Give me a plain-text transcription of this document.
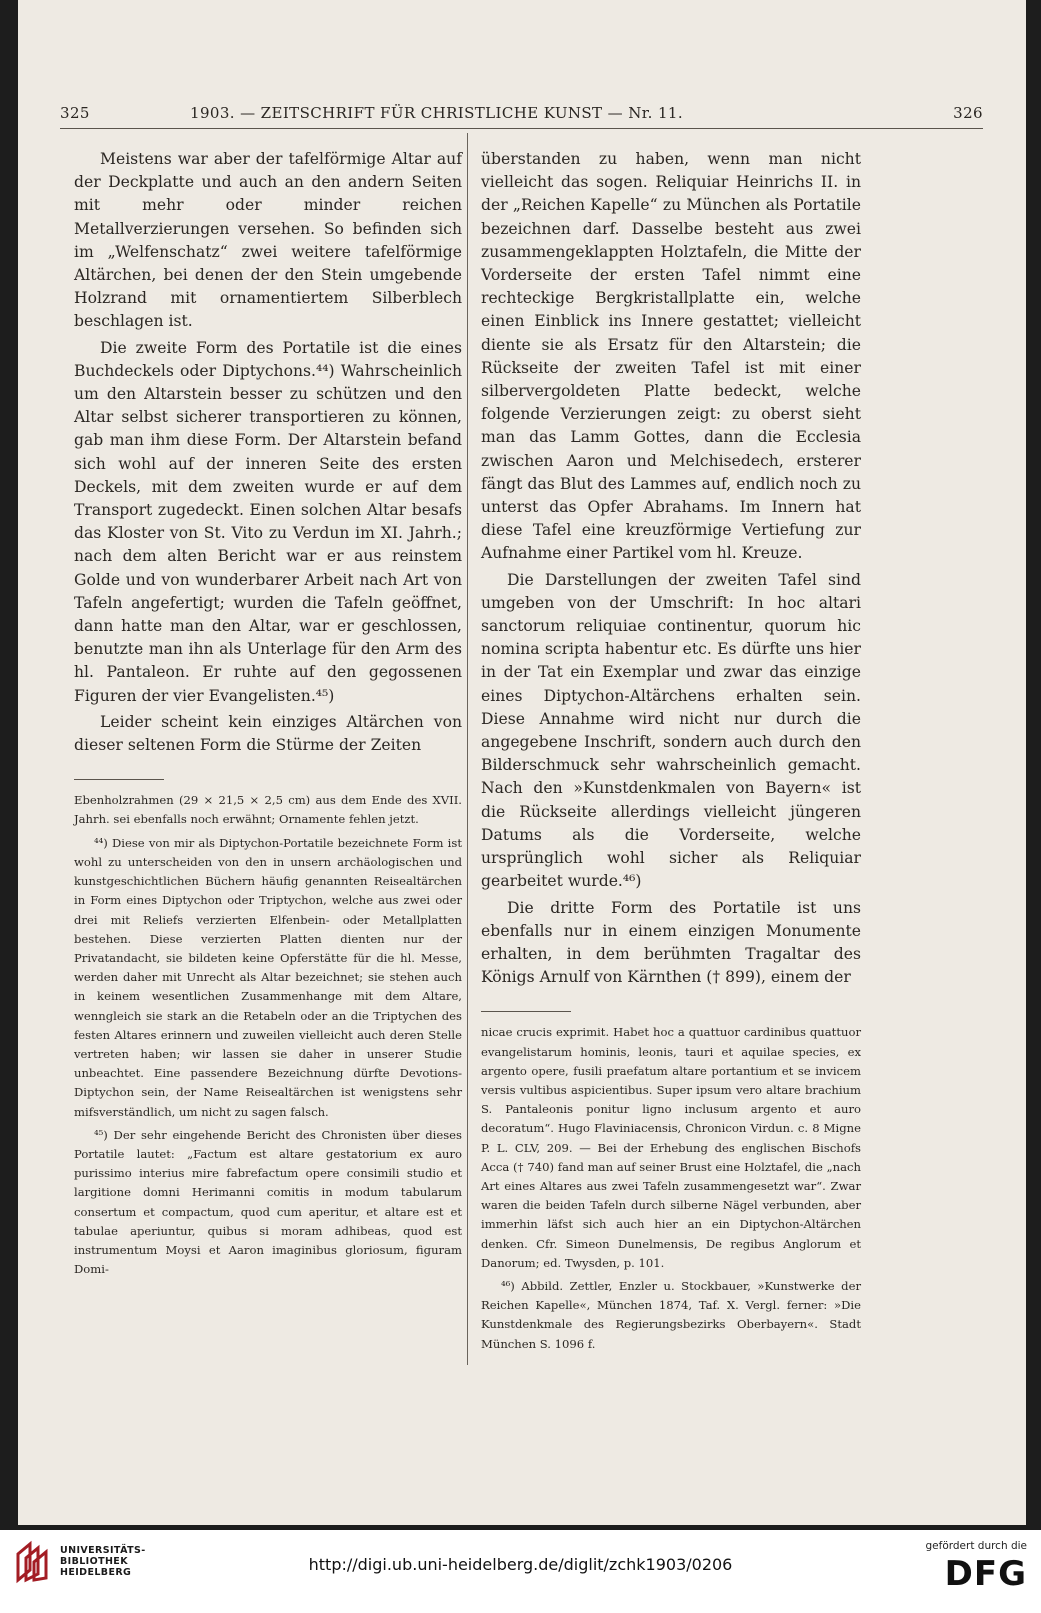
325	1903. — ZEITSCHRIFT FÜR CHRISTLICHE KUNST — Nr. 11.	326

Meistens war aber der tafelförmige Altar auf der Deckplatte und auch an den andern Seiten mit mehr oder minder reichen Metallverzierungen versehen. So befinden sich im „Welfenschatz“ zwei weitere tafelförmige Altärchen, bei denen der den Stein umgebende Holzrand mit ornamentiertem Silberblech beschlagen ist.

Die zweite Form des Portatile ist die eines Buchdeckels oder Diptychons.⁴⁴) Wahrscheinlich um den Altarstein besser zu schützen und den Altar selbst sicherer transportieren zu können, gab man ihm diese Form. Der Altarstein befand sich wohl auf der inneren Seite des ersten Deckels, mit dem zweiten wurde er auf dem Transport zugedeckt. Einen solchen Altar besafs das Kloster von St. Vito zu Verdun im XI. Jahrh.; nach dem alten Bericht war er aus reinstem Golde und von wunderbarer Arbeit nach Art von Tafeln angefertigt; wurden die Tafeln geöffnet, dann hatte man den Altar, war er geschlossen, benutzte man ihn als Unterlage für den Arm des hl. Pantaleon. Er ruhte auf den gegossenen Figuren der vier Evangelisten.⁴⁵)

Leider scheint kein einziges Altärchen von dieser seltenen Form die Stürme der Zeiten

Ebenholzrahmen (29 × 21,5 × 2,5 cm) aus dem Ende des XVII. Jahrh. sei ebenfalls noch erwähnt; Ornamente fehlen jetzt.

⁴⁴) Diese von mir als Diptychon-Portatile bezeichnete Form ist wohl zu unterscheiden von den in unsern archäologischen und kunstgeschichtlichen Büchern häufig genannten Reisealtärchen in Form eines Diptychon oder Triptychon, welche aus zwei oder drei mit Reliefs verzierten Elfenbein- oder Metallplatten bestehen. Diese verzierten Platten dienten nur der Privatandacht, sie bildeten keine Opferstätte für die hl. Messe, werden daher mit Unrecht als Altar bezeichnet; sie stehen auch in keinem wesentlichen Zusammenhange mit dem Altare, wenngleich sie stark an die Retabeln oder an die Triptychen des festen Altares erinnern und zuweilen vielleicht auch deren Stelle vertreten haben; wir lassen sie daher in unserer Studie unbeachtet. Eine passendere Bezeichnung dürfte Devotions-Diptychon sein, der Name Reisealtärchen ist wenigstens sehr mifsverständlich, um nicht zu sagen falsch.

⁴⁵) Der sehr eingehende Bericht des Chronisten über dieses Portatile lautet: „Factum est altare gestatorium ex auro purissimo interius mire fabrefactum opere consimili studio et largitione domni Herimanni comitis in modum tabularum consertum et compactum, quod cum aperitur, et altare est et tabulae aperiuntur, quibus si moram adhibeas, quod est instrumentum Moysi et Aaron imaginibus gloriosum, figuram Domi-

überstanden zu haben, wenn man nicht vielleicht das sogen. Reliquiar Heinrichs II. in der „Reichen Kapelle“ zu München als Portatile bezeichnen darf. Dasselbe besteht aus zwei zusammengeklappten Holztafeln, die Mitte der Vorderseite der ersten Tafel nimmt eine rechteckige Bergkristallplatte ein, welche einen Einblick ins Innere gestattet; vielleicht diente sie als Ersatz für den Altarstein; die Rückseite der zweiten Tafel ist mit einer silbervergoldeten Platte bedeckt, welche folgende Verzierungen zeigt: zu oberst sieht man das Lamm Gottes, dann die Ecclesia zwischen Aaron und Melchisedech, ersterer fängt das Blut des Lammes auf, endlich noch zu unterst das Opfer Abrahams. Im Innern hat diese Tafel eine kreuzförmige Vertiefung zur Aufnahme einer Partikel vom hl. Kreuze.

Die Darstellungen der zweiten Tafel sind umgeben von der Umschrift: In hoc altari sanctorum reliquiae continentur, quorum hic nomina scripta habentur etc. Es dürfte uns hier in der Tat ein Exemplar und zwar das einzige eines Diptychon-Altärchens erhalten sein. Diese Annahme wird nicht nur durch die angegebene Inschrift, sondern auch durch den Bilderschmuck sehr wahrscheinlich gemacht. Nach den »Kunstdenkmalen von Bayern« ist die Rückseite allerdings vielleicht jüngeren Datums als die Vorderseite, welche ursprünglich wohl sicher als Reliquiar gearbeitet wurde.⁴⁶)

Die dritte Form des Portatile ist uns ebenfalls nur in einem einzigen Monumente erhalten, in dem berühmten Tragaltar des Königs Arnulf von Kärnthen († 899), einem der

nicae crucis exprimit. Habet hoc a quattuor cardinibus quattuor evangelistarum hominis, leonis, tauri et aquilae species, ex argento opere, fusili praefatum altare portantium et se invicem versis vultibus aspicientibus. Super ipsum vero altare brachium S. Pantaleonis ponitur ligno inclusum argento et auro decoratum“. Hugo Flaviniacensis, Chronicon Virdun. c. 8 Migne P. L. CLV, 209. — Bei der Erhebung des englischen Bischofs Acca († 740) fand man auf seiner Brust eine Holztafel, die „nach Art eines Altares aus zwei Tafeln zusammengesetzt war“. Zwar waren die beiden Tafeln durch silberne Nägel verbunden, aber immerhin läfst sich auch hier an ein Diptychon-Altärchen denken. Cfr. Simeon Dunelmensis, De regibus Anglorum et Danorum; ed. Twysden, p. 101.

⁴⁶) Abbild. Zettler, Enzler u. Stockbauer, »Kunstwerke der Reichen Kapelle«, München 1874, Taf. X. Vergl. ferner: »Die Kunstdenkmale des Regierungsbezirks Oberbayern«. Stadt München S. 1096 f.

UNIVERSITÄTS-
BIBLIOTHEK
HEIDELBERG	http://digi.ub.uni-heidelberg.de/diglit/zchk1903/0206
gefördert durch die
DFG
